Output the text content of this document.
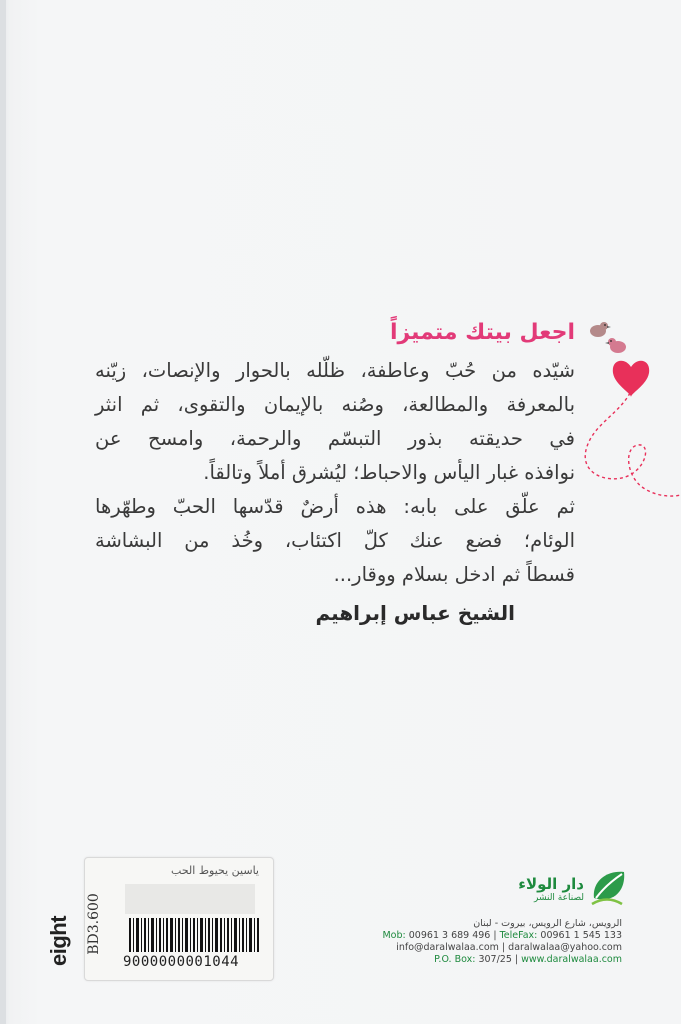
اجعل بيتك متميزاً
شيّده من حُبّ وعاطفة، ظلّله بالحوار والإنصات، زيّنه
بالمعرفة والمطالعة، وصُنه بالإيمان والتقوى، ثم انثر
في حديقته بذور التبسّم والرحمة، وامسح عن
نوافذه غبار اليأس والاحباط؛ ليُشرق أملاً وتالقاً.
ثم علّق على بابه: هذه أرضٌ قدّسها الحبّ وطهّرها
الوئام؛ فضع عنك كلّ اكتئاب، وخُذ من البشاشة
قسطاً ثم ادخل بسلام ووقار...
الشيخ عباس إبراهيم
ياسين يحيوط الحب
9000000001044
BD3.600
eight
دار الولاء
لصناعة النشر
الرويس، شارع الرويس، بيروت - لبنان
Mob: 00961 3 689 496 | TeleFax: 00961 1 545 133
info@daralwalaa.com | daralwalaa@yahoo.com
P.O. Box: 307/25 | www.daralwalaa.com
